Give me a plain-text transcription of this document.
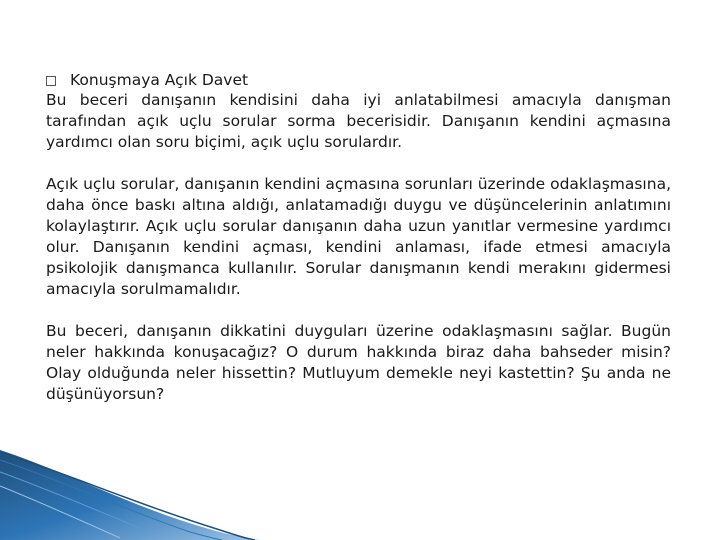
Konuşmaya Açık Davet

Bu beceri danışanın kendisini daha iyi anlatabilmesi amacıyla danışman tarafından açık uçlu sorular sorma becerisidir. Danışanın kendini açmasına yardımcı olan soru biçimi, açık uçlu sorulardır.

Açık uçlu sorular, danışanın kendini açmasına sorunları üzerinde odaklaşmasına, daha önce baskı altına aldığı, anlatamadığı duygu ve düşüncelerinin anlatımını kolaylaştırır. Açık uçlu sorular danışanın daha uzun yanıtlar vermesine yardımcı olur. Danışanın kendini açması, kendini anlaması, ifade etmesi amacıyla psikolojik danışmanca kullanılır. Sorular danışmanın kendi merakını gidermesi amacıyla sorulmamalıdır.

Bu beceri, danışanın dikkatini duyguları üzerine odaklaşmasını sağlar. Bugün neler hakkında konuşacağız? O durum hakkında biraz daha bahseder misin? Olay olduğunda neler hissettin? Mutluyum demekle neyi kastettin? Şu anda ne düşünüyorsun?
